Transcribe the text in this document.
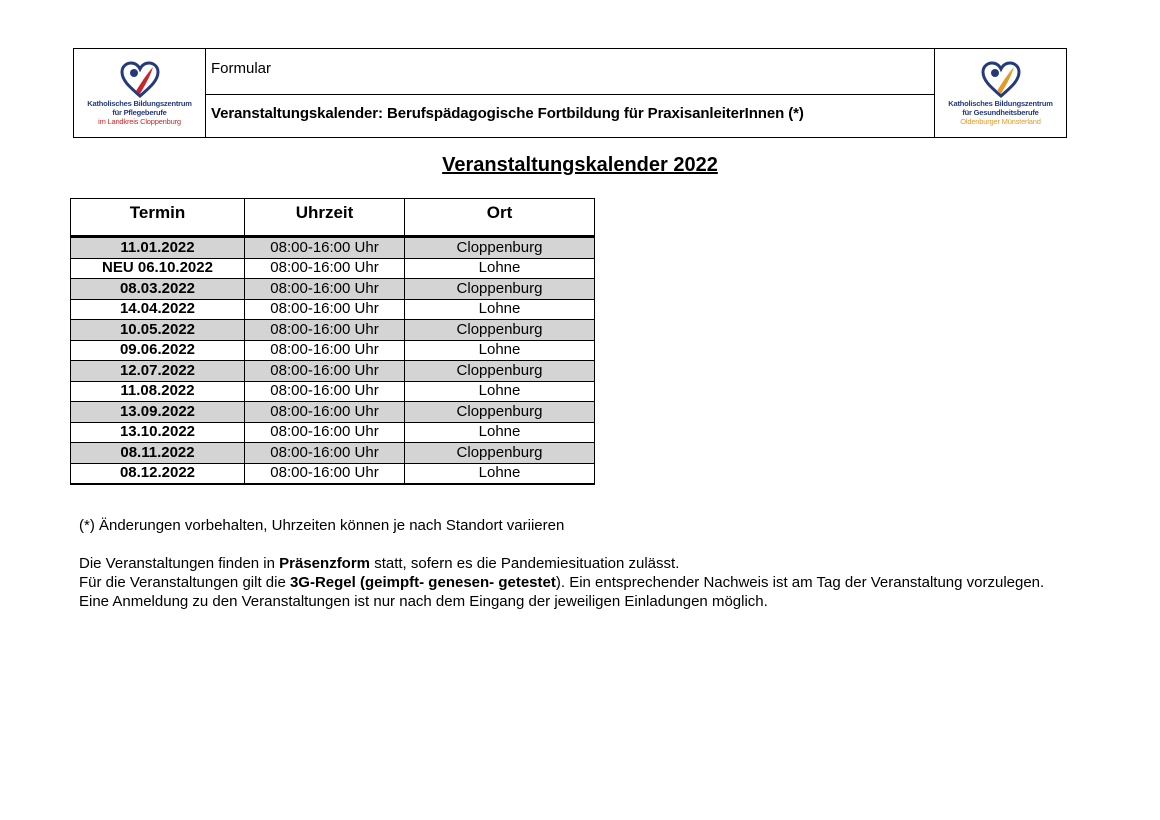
Katholisches Bildungszentrum
für Pflegeberufe
im Landkreis Cloppenburg
Formular
Veranstaltungskalender: Berufspädagogische Fortbildung für PraxisanleiterInnen (*)
Katholisches Bildungszentrum
für Gesundheitsberufe
Oldenburger Münsterland
Veranstaltungskalender 2022
Termin	Uhrzeit	Ort
11.01.2022	08:00-16:00 Uhr	Cloppenburg
NEU 06.10.2022	08:00-16:00 Uhr	Lohne
08.03.2022	08:00-16:00 Uhr	Cloppenburg
14.04.2022	08:00-16:00 Uhr	Lohne
10.05.2022	08:00-16:00 Uhr	Cloppenburg
09.06.2022	08:00-16:00 Uhr	Lohne
12.07.2022	08:00-16:00 Uhr	Cloppenburg
11.08.2022	08:00-16:00 Uhr	Lohne
13.09.2022	08:00-16:00 Uhr	Cloppenburg
13.10.2022	08:00-16:00 Uhr	Lohne
08.11.2022	08:00-16:00 Uhr	Cloppenburg
08.12.2022	08:00-16:00 Uhr	Lohne

(*) Änderungen vorbehalten, Uhrzeiten können je nach Standort variieren

Die Veranstaltungen finden in Präsenzform statt, sofern es die Pandemiesituation zulässt.

Für die Veranstaltungen gilt die 3G-Regel (geimpft- genesen- getestet). Ein entsprechender Nachweis ist am Tag der Veranstaltung vorzulegen.

Eine Anmeldung zu den Veranstaltungen ist nur nach dem Eingang der jeweiligen Einladungen möglich.
